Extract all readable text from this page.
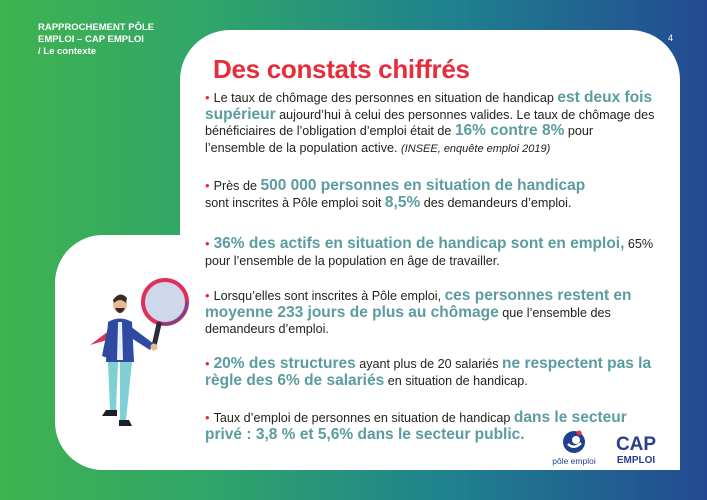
RAPPROCHEMENT PÔLE
EMPLOI – CAP EMPLOI
/ Le contexte
4
Des constats chiffrés
• Le taux de chômage des personnes en situation de handicap est deux fois supérieur aujourd’hui à celui des personnes valides. Le taux de chômage des bénéficiaires de l’obligation d’emploi était de 16% contre 8% pour l’ensemble de la population active. (INSEE, enquête emploi 2019)
• Près de 500 000 personnes en situation de handicap sont inscrites à Pôle emploi soit 8,5% des demandeurs d’emploi.
• 36% des actifs en situation de handicap sont en emploi, 65% pour l’ensemble de la population en âge de travailler.
• Lorsqu’elles sont inscrites à Pôle emploi, ces personnes restent en moyenne 233 jours de plus au chômage que l’ensemble des demandeurs d’emploi.
• 20% des structures ayant plus de 20 salariés ne respectent pas la règle des 6% de salariés en situation de handicap.
• Taux d’emploi de personnes en situation de handicap dans le secteur privé : 3,8 % et 5,6% dans le secteur public.
pôle emploi
CAP
EMPLOI
